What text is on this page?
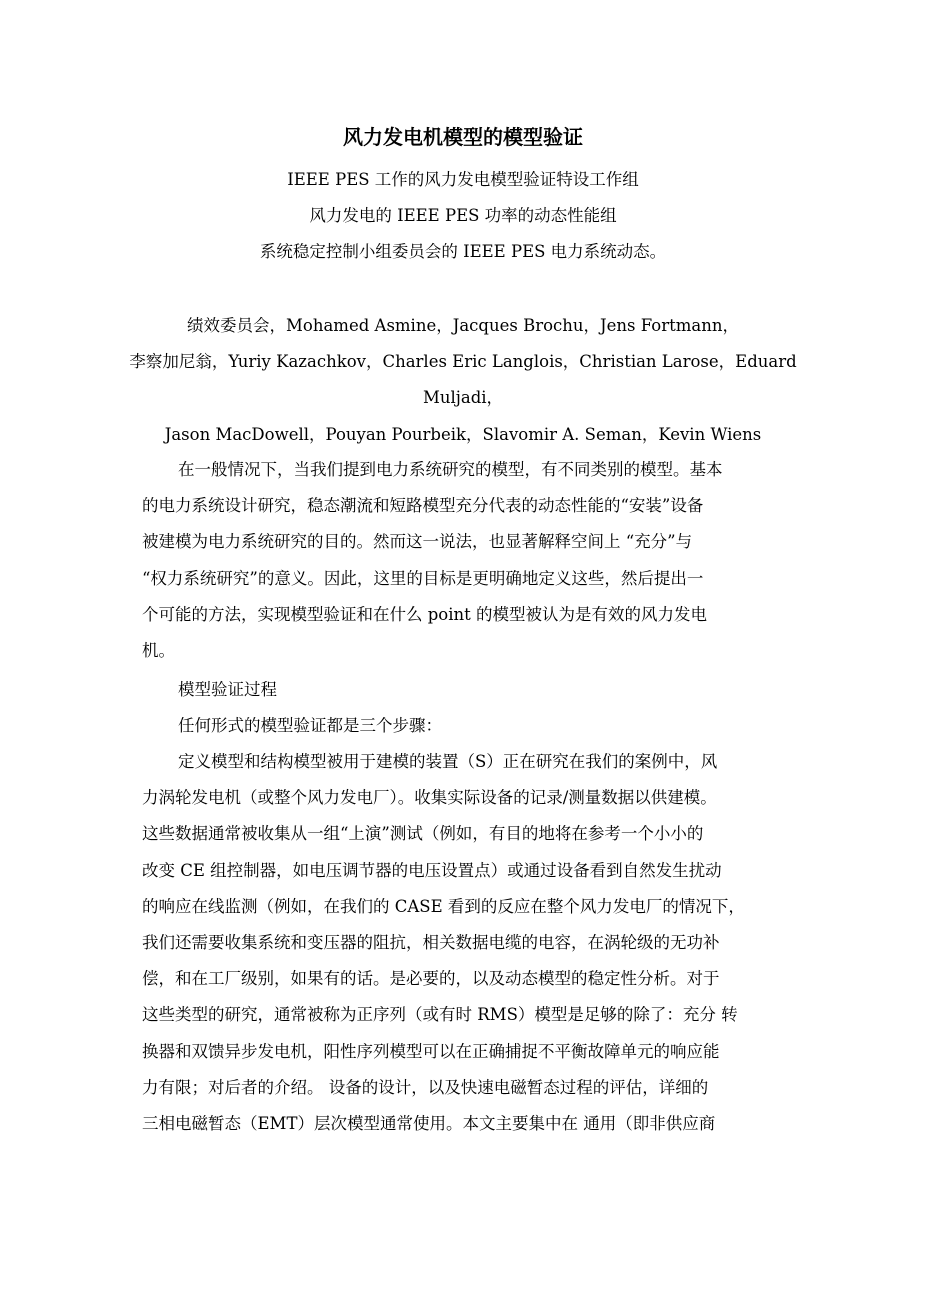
风力发电机模型的模型验证
IEEE PES 工作的风力发电模型验证特设工作组
风力发电的 IEEE PES 功率的动态性能组
系统稳定控制小组委员会的 IEEE PES 电力系统动态。
绩效委员会，Mohamed Asmine，Jacques Brochu，Jens Fortmann，
李察加尼翁，Yuriy Kazachkov，Charles Eric Langlois，Christian Larose，Eduard
Muljadi，
Jason MacDowell，Pouyan Pourbeik，Slavomir A. Seman，Kevin Wiens
在一般情况下，当我们提到电力系统研究的模型，有不同类别的模型。基本
的电力系统设计研究，稳态潮流和短路模型充分代表的动态性能的“安装”设备
被建模为电力系统研究的目的。然而这一说法，也显著解释空间上 “充分”与
“权力系统研究”的意义。因此，这里的目标是更明确地定义这些，然后提出一
个可能的方法，实现模型验证和在什么 point 的模型被认为是有效的风力发电
机。
模型验证过程
任何形式的模型验证都是三个步骤：
定义模型和结构模型被用于建模的装置（S）正在研究在我们的案例中，风
力涡轮发电机（或整个风力发电厂）。收集实际设备的记录/测量数据以供建模。
这些数据通常被收集从一组“上演”测试（例如，有目的地将在参考一个小小的
改变 CE 组控制器，如电压调节器的电压设置点）或通过设备看到自然发生扰动
的响应在线监测（例如，在我们的 CASE 看到的反应在整个风力发电厂的情况下，
我们还需要收集系统和变压器的阻抗，相关数据电缆的电容，在涡轮级的无功补
偿，和在工厂级别，如果有的话。是必要的，以及动态模型的稳定性分析。对于
这些类型的研究，通常被称为正序列（或有时 RMS）模型是足够的除了：充分 转
换器和双馈异步发电机，阳性序列模型可以在正确捕捉不平衡故障单元的响应能
力有限；对后者的介绍。 设备的设计，以及快速电磁暂态过程的评估，详细的
三相电磁暂态（EMT）层次模型通常使用。本文主要集中在 通用（即非供应商
